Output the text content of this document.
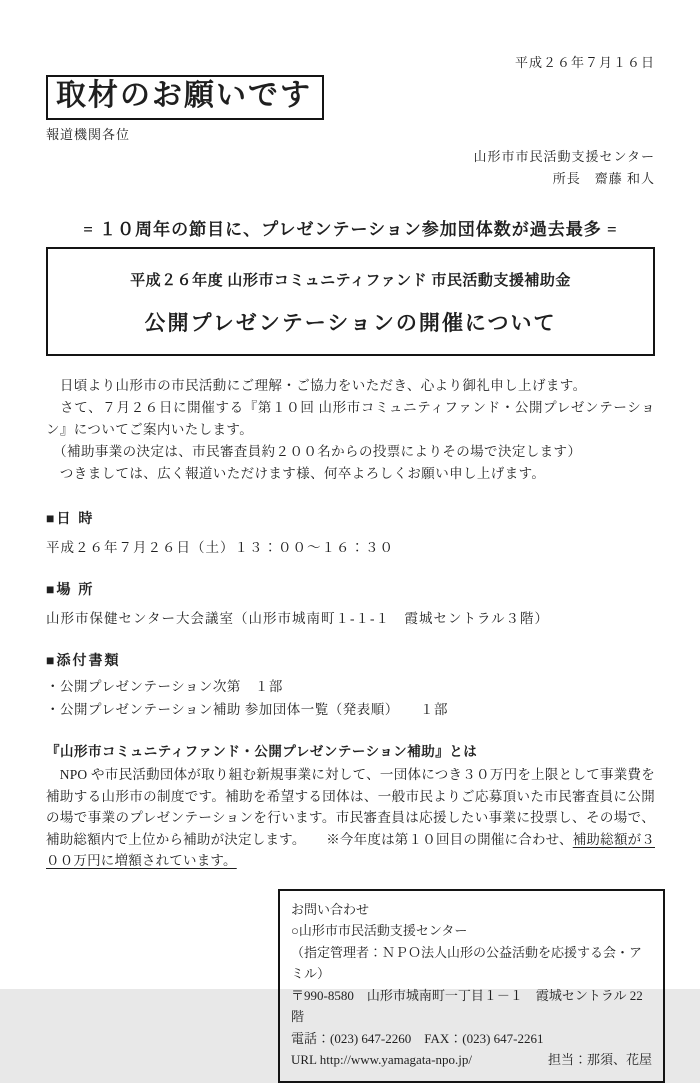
平成２６年７月１６日
取材のお願いです
報道機関各位
山形市市民活動支援センター
所長　齋藤 和人
= １０周年の節目に、プレゼンテーション参加団体数が過去最多 =
平成２６年度 山形市コミュニティファンド 市民活動支援補助金
公開プレゼンテーションの開催について

　日頃より山形市の市民活動にご理解・ご協力をいただき、心より御礼申し上げます。

　さて、７月２６日に開催する『第１０回 山形市コミュニティファンド・公開プレゼンテーション』についてご案内いたします。

　（補助事業の決定は、市民審査員約２００名からの投票によりその場で決定します）

　つきましては、広く報道いただけます様、何卒よろしくお願い申し上げます。

■日 時
平成２６年７月２６日（土）１３：００～１６：３０
■場 所
山形市保健センター大会議室（山形市城南町１-１-１　霞城セントラル３階）
■添付書類
・公開プレゼンテーション次第　１部
・公開プレゼンテーション補助 参加団体一覧（発表順）　　１部
『山形市コミュニティファンド・公開プレゼンテーション補助』とは

　NPO や市民活動団体が取り組む新規事業に対して、一団体につき３０万円を上限として事業費を補助する山形市の制度です。補助を希望する団体は、一般市民よりご応募頂いた市民審査員に公開の場で事業のプレゼンテーションを行います。市民審査員は応援したい事業に投票し、その場で、補助総額内で上位から補助が決定します。　　※今年度は第１０回目の開催に合わせ、補助総額が３００万円に増額されています。

お問い合わせ
○山形市市民活動支援センター
（指定管理者：ＮＰＯ法人山形の公益活動を応援する会・アミル）
〒990-8580　山形市城南町一丁目１－１　霞城セントラル 22 階
電話：(023) 647-2260　FAX：(023) 647-2261
URL http://www.yamagata-npo.jp/	担当：那須、花屋
